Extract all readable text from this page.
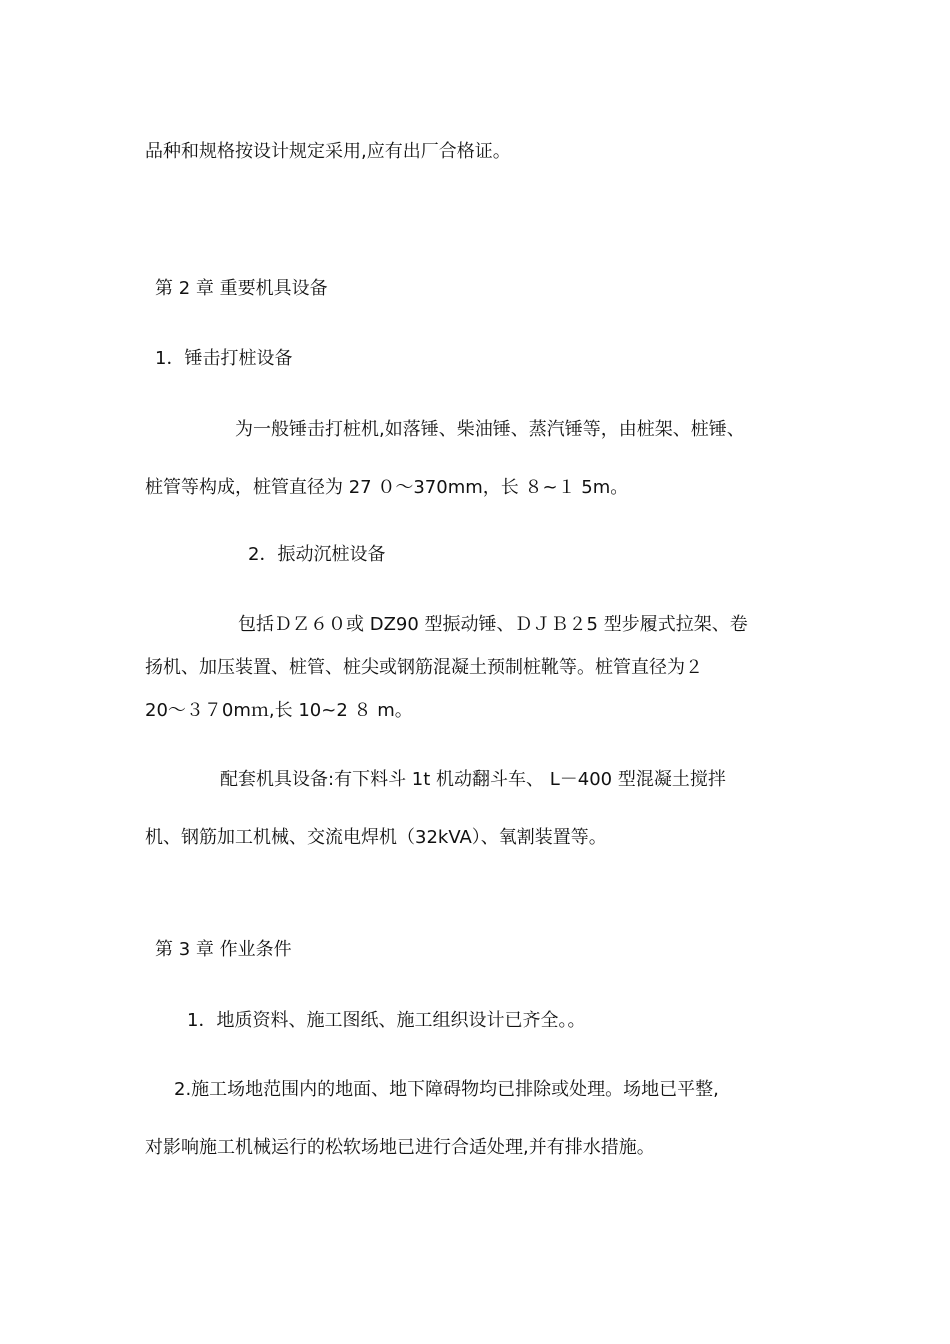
品种和规格按设计规定采用,应有出厂合格证。
第 2 章 重要机具设备
1．锤击打桩设备
为一般锤击打桩机,如落锤、柴油锤、蒸汽锤等，由桩架、桩锤、
桩管等构成，桩管直径为 27 ０～370mm，长 ８~１ 5m。
2．振动沉桩设备
包括ＤＺ６０或 DZ90 型振动锤、ＤＪＢ２5 型步履式拉架、卷
扬机、加压装置、桩管、桩尖或钢筋混凝土预制桩靴等。桩管直径为２
20～３７0mｍ,长 10~2 ８ m。
配套机具设备:有下料斗 1t 机动翻斗车、 L－400 型混凝土搅拌
机、钢筋加工机械、交流电焊机（32kVA）、氧割装置等。
第 3 章 作业条件
1．地质资料、施工图纸、施工组织设计已齐全。。
2.施工场地范围内的地面、地下障碍物均已排除或处理。场地已平整,
对影响施工机械运行的松软场地已进行合适处理,并有排水措施。
